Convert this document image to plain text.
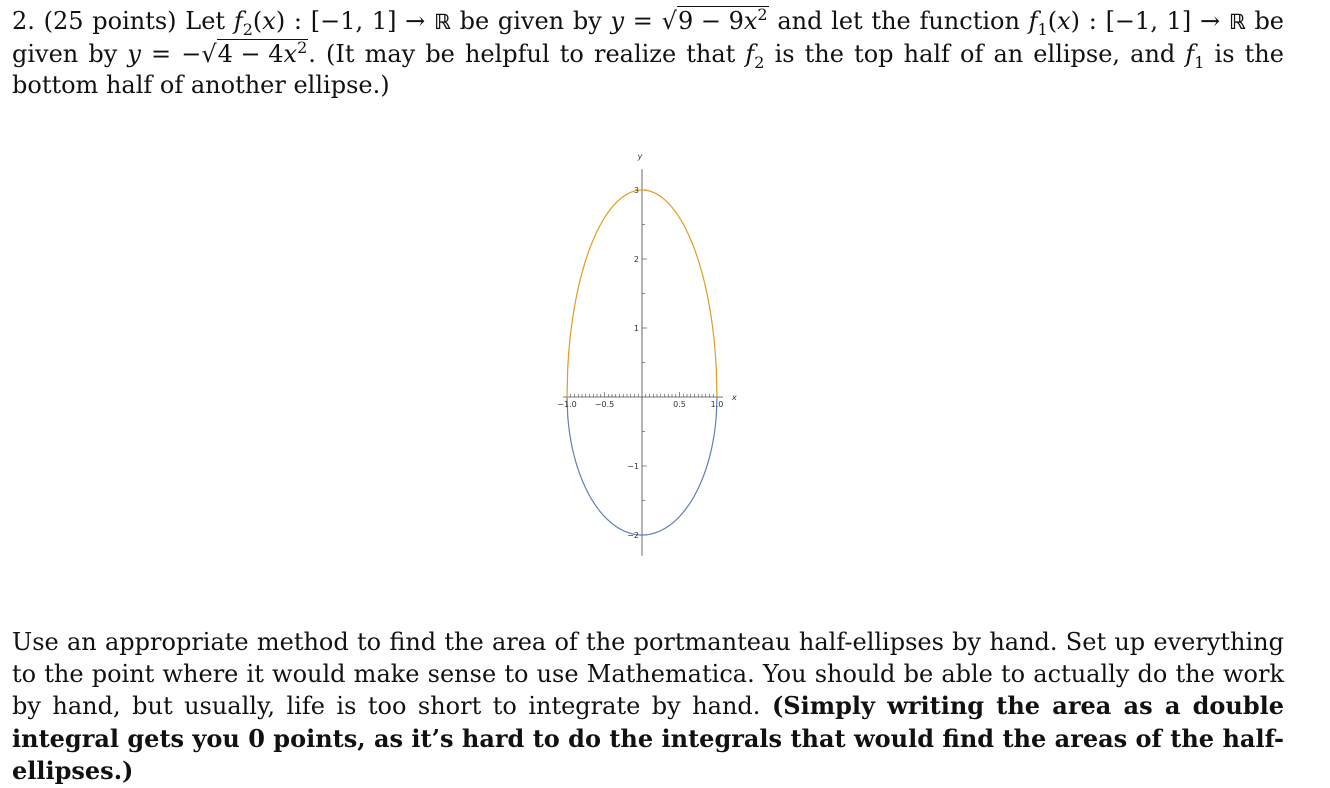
2. (25 points) Let $f_2(x)$ : [−1, 1] → ℝ be given by $y = √9 - 9x^2$ and let the function $f_1(x)$ : [−1, 1] → ℝ be given by $y = -√4 - 4x^2$. (It may be helpful to realize that $f_2$ is the top half of an ellipse, and $f_1$ is the bottom half of another ellipse.)

−1.0 −0.5	0.5	1.0
3
2
1
−1
−2
x
y

Use an appropriate method to find the area of the portmanteau half-ellipses by hand. Set up everything to the point where it would make sense to use Mathematica. You should be able to actually do the work by hand, but usually, life is too short to integrate by hand. (Simply writing the area as a double integral gets you 0 points, as it’s hard to do the integrals that would find the areas of the half-ellipses.)
